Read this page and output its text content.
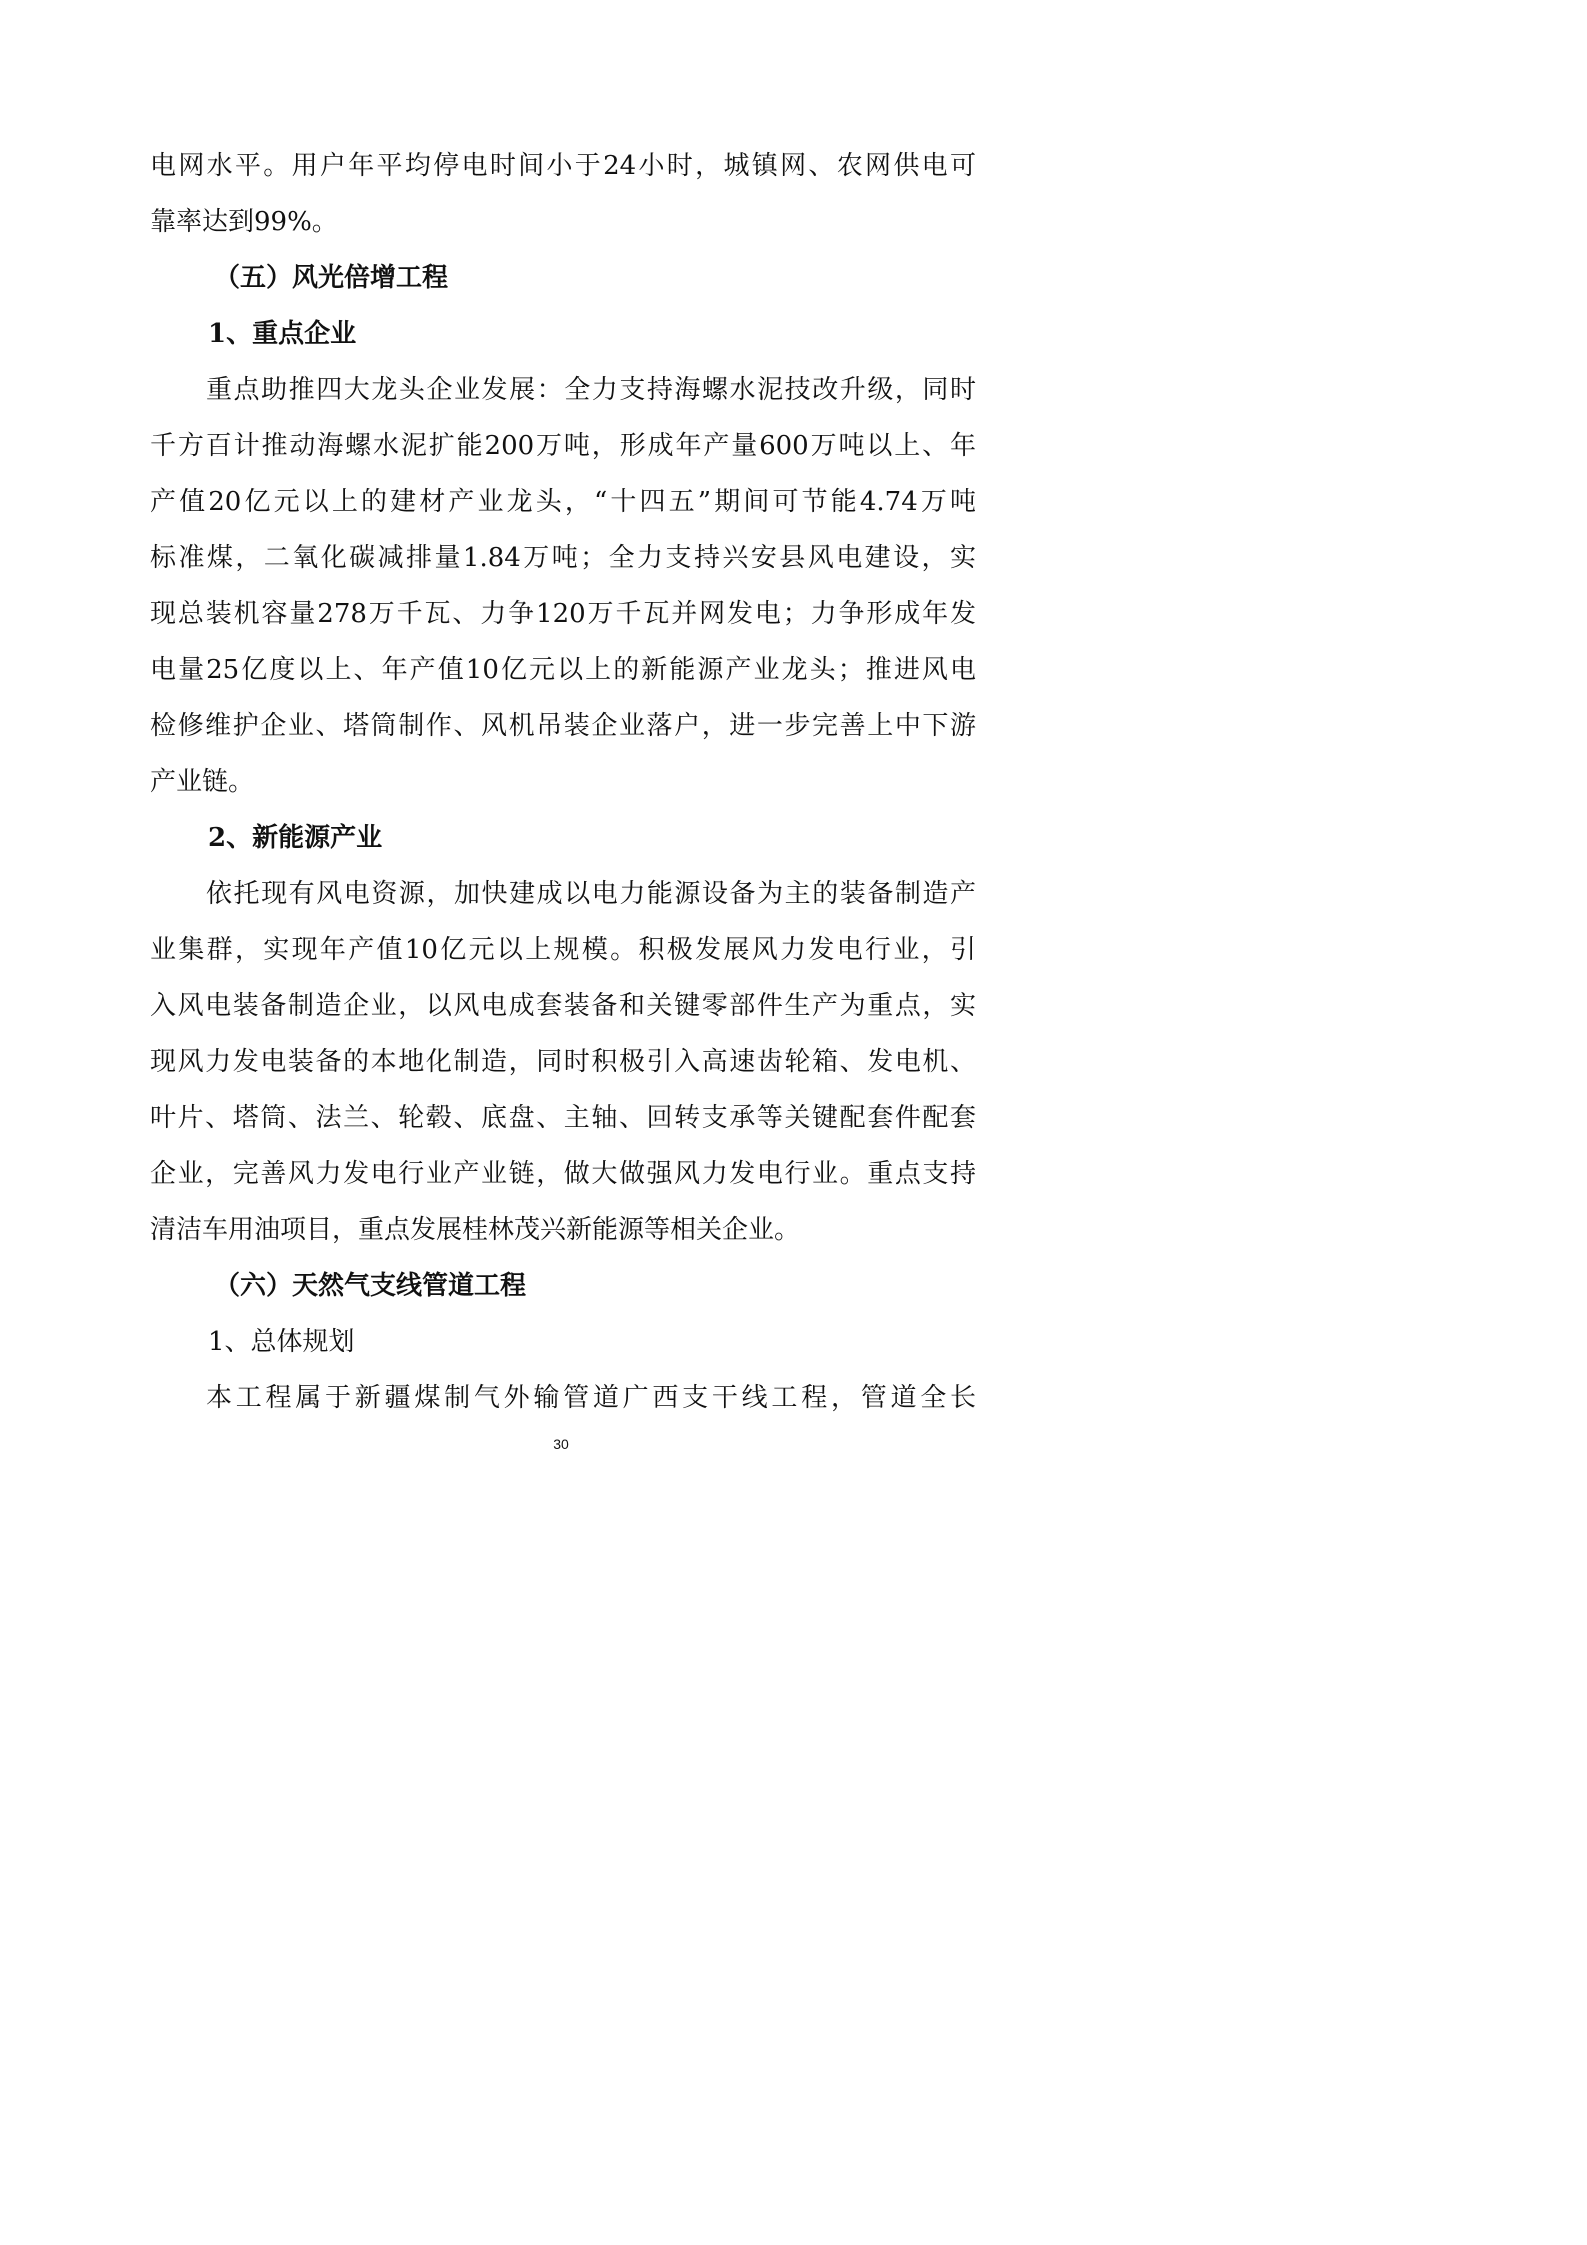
电网水平。用户年平均停电时间小于24小时，城镇网、农网供电可
靠率达到99%。
（五）风光倍增工程
1、重点企业
重点助推四大龙头企业发展：全力支持海螺水泥技改升级，同时
千方百计推动海螺水泥扩能200万吨，形成年产量600万吨以上、年
产值20亿元以上的建材产业龙头，“十四五”期间可节能4.74万吨
标准煤，二氧化碳减排量1.84万吨；全力支持兴安县风电建设，实
现总装机容量278万千瓦、力争120万千瓦并网发电；力争形成年发
电量25亿度以上、年产值10亿元以上的新能源产业龙头；推进风电
检修维护企业、塔筒制作、风机吊装企业落户，进一步完善上中下游
产业链。
2、新能源产业
依托现有风电资源，加快建成以电力能源设备为主的装备制造产
业集群，实现年产值10亿元以上规模。积极发展风力发电行业，引
入风电装备制造企业，以风电成套装备和关键零部件生产为重点，实
现风力发电装备的本地化制造，同时积极引入高速齿轮箱、发电机、
叶片、塔筒、法兰、轮毂、底盘、主轴、回转支承等关键配套件配套
企业，完善风力发电行业产业链，做大做强风力发电行业。重点支持
清洁车用油项目，重点发展桂林茂兴新能源等相关企业。
（六）天然气支线管道工程
1、总体规划
本工程属于新疆煤制气外输管道广西支干线工程，管道全长
30
